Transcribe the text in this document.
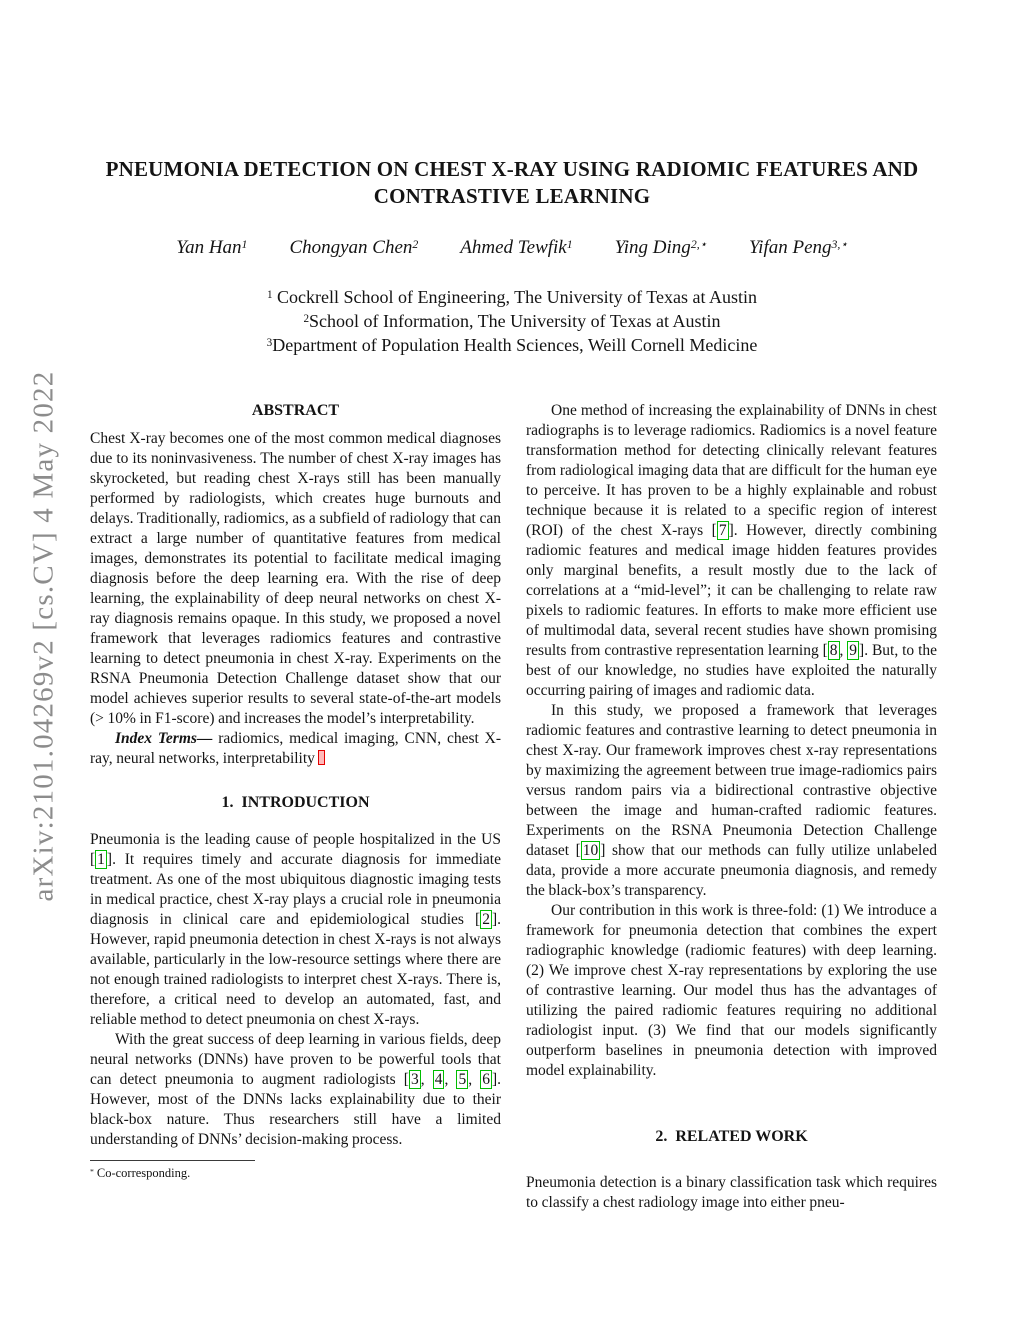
arXiv:2101.04269v2 [cs.CV] 4 May 2022
PNEUMONIA DETECTION ON CHEST X-RAY USING RADIOMIC FEATURES AND
CONTRASTIVE LEARNING
Yan Han$^1$ Chongyan Chen$^2$ Ahmed Tewfik$^1$ Ying Ding$^{2,⋆}$ Yifan Peng$^{3,⋆}$
$^1$ Cockrell School of Engineering, The University of Texas at Austin
$^2$School of Information, The University of Texas at Austin
$^3$Department of Population Health Sciences, Weill Cornell Medicine
ABSTRACT

Chest X-ray becomes one of the most common medical diagnoses due to its noninvasiveness. The number of chest X-ray images has skyrocketed, but reading chest X-rays still has been manually performed by radiologists, which creates huge burnouts and delays. Traditionally, radiomics, as a subfield of radiology that can extract a large number of quantitative features from medical images, demonstrates its potential to facilitate medical imaging diagnosis before the deep learning era. With the rise of deep learning, the explainability of deep neural networks on chest X-ray diagnosis remains opaque. In this study, we proposed a novel framework that leverages radiomics features and contrastive learning to detect pneumonia in chest X-ray. Experiments on the RSNA Pneumonia Detection Challenge dataset show that our model achieves superior results to several state-of-the-art models (> 10% in F1-score) and increases the model’s interpretability.

Index Terms— radiomics, medical imaging, CNN, chest X-ray, neural networks, interpretability

1. INTRODUCTION

Pneumonia is the leading cause of people hospitalized in the US [ 1 ]. It requires timely and accurate diagnosis for immediate treatment. As one of the most ubiquitous diagnostic imaging tests in medical practice, chest X-ray plays a crucial role in pneumonia diagnosis in clinical care and epidemiological studies [ 2 ]. However, rapid pneumonia detection in chest X-rays is not always available, particularly in the low-resource settings where there are not enough trained radiologists to interpret chest X-rays. There is, therefore, a critical need to develop an automated, fast, and reliable method to detect pneumonia on chest X-rays.

With the great success of deep learning in various fields, deep neural networks (DNNs) have proven to be powerful tools that can detect pneumonia to augment radiologists [ 3 , 4 , 5 , 6 ]. However, most of the DNNs lacks explainability due to their black-box nature. Thus researchers still have a limited understanding of DNNs’ decision-making process.

* Co-corresponding.

One method of increasing the explainability of DNNs in chest radiographs is to leverage radiomics. Radiomics is a novel feature transformation method for detecting clinically relevant features from radiological imaging data that are difficult for the human eye to perceive. It has proven to be a highly explainable and robust technique because it is related to a specific region of interest (ROI) of the chest X-rays [ 7 ]. However, directly combining radiomic features and medical image hidden features provides only marginal benefits, a result mostly due to the lack of correlations at a “mid-level”; it can be challenging to relate raw pixels to radiomic features. In efforts to make more efficient use of multimodal data, several recent studies have shown promising results from contrastive representation learning [ 8 , 9 ]. But, to the best of our knowledge, no studies have exploited the naturally occurring pairing of images and radiomic data.

In this study, we proposed a framework that leverages radiomic features and contrastive learning to detect pneumonia in chest X-ray. Our framework improves chest x-ray representations by maximizing the agreement between true image-radiomics pairs versus random pairs via a bidirectional contrastive objective between the image and human-crafted radiomic features. Experiments on the RSNA Pneumonia Detection Challenge dataset [ 10 ] show that our methods can fully utilize unlabeled data, provide a more accurate pneumonia diagnosis, and remedy the black-box’s transparency.

Our contribution in this work is three-fold: (1) We introduce a framework for pneumonia detection that combines the expert radiographic knowledge (radiomic features) with deep learning. (2) We improve chest X-ray representations by exploring the use of contrastive learning. Our model thus has the advantages of utilizing the paired radiomic features requiring no additional radiologist input. (3) We find that our models significantly outperform baselines in pneumonia detection with improved model explainability.

2. RELATED WORK

Pneumonia detection is a binary classification task which requires to classify a chest radiology image into either pneu-
